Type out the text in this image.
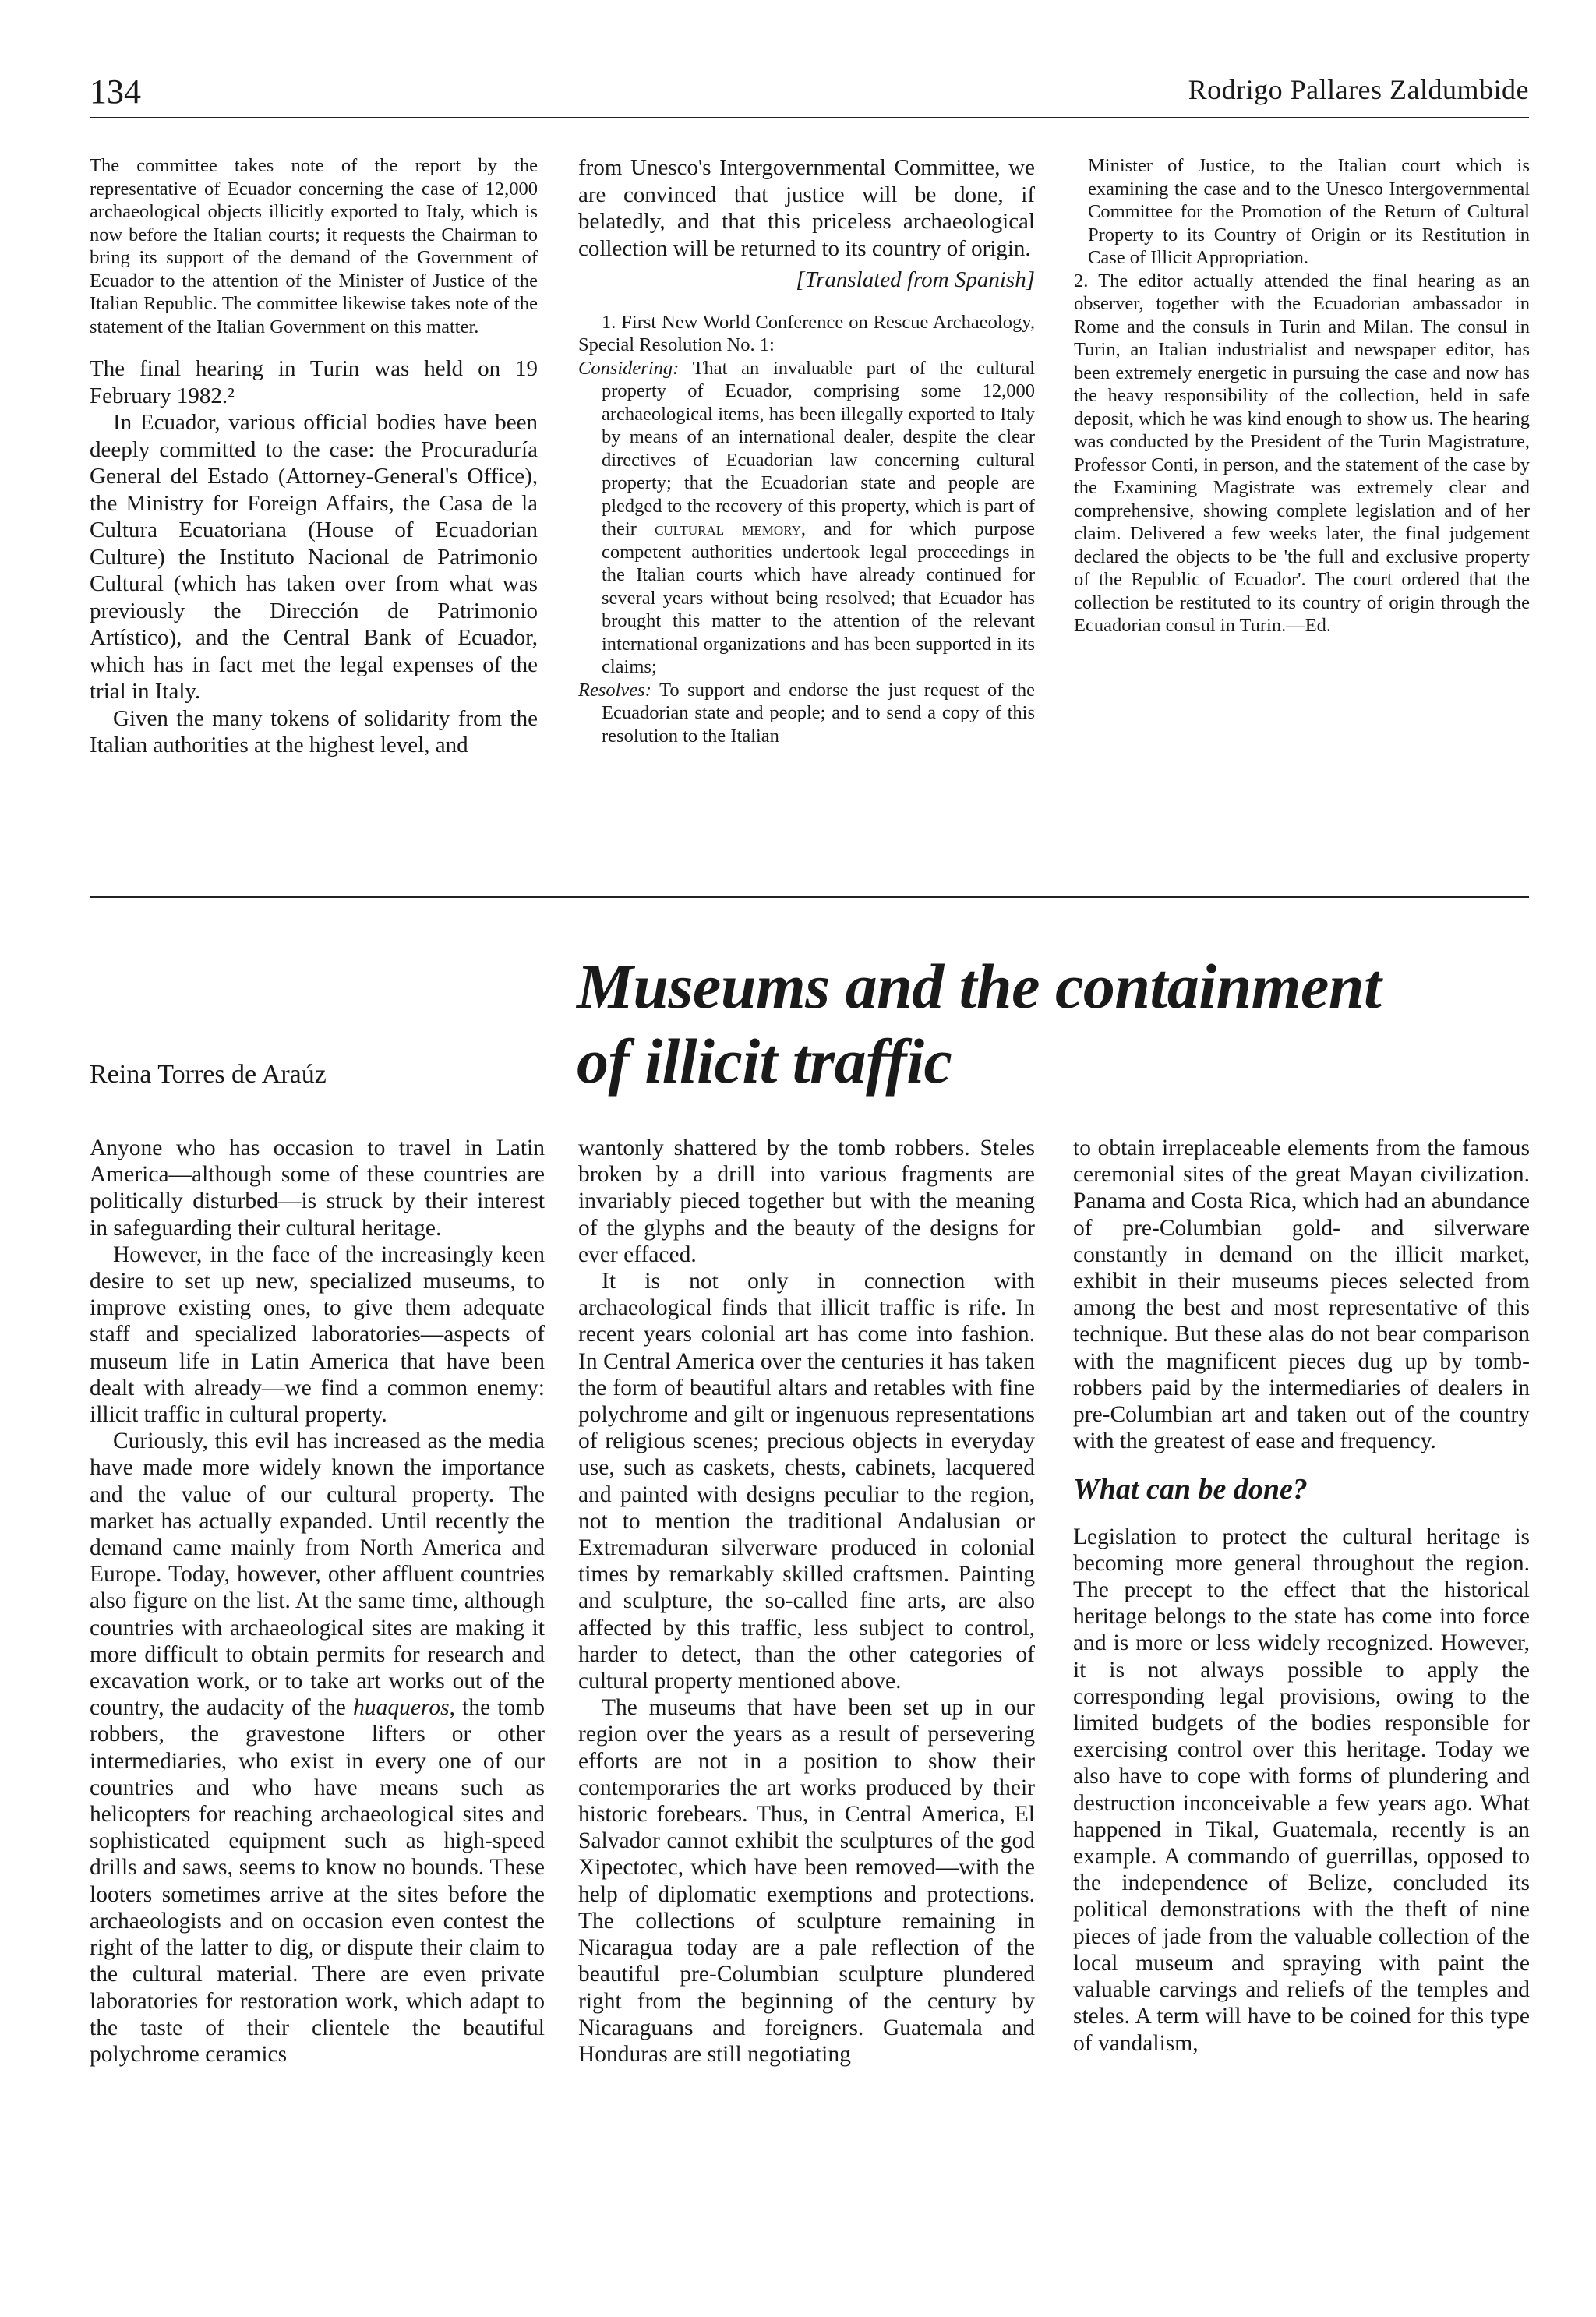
134	Rodrigo Pallares Zaldumbide

The committee takes note of the report by the representative of Ecuador concerning the case of 12,000 archaeological objects illicitly exported to Italy, which is now before the Italian courts; it requests the Chairman to bring its support of the demand of the Government of Ecuador to the attention of the Minister of Justice of the Italian Republic. The committee likewise takes note of the statement of the Italian Government on this matter.

The final hearing in Turin was held on 19 February 1982.²

In Ecuador, various official bodies have been deeply committed to the case: the Procuraduría General del Estado (Attorney-General's Office), the Ministry for Foreign Affairs, the Casa de la Cultura Ecuatoriana (House of Ecuadorian Culture) the Instituto Nacional de Patrimonio Cultural (which has taken over from what was previously the Dirección de Patrimonio Artístico), and the Central Bank of Ecuador, which has in fact met the legal expenses of the trial in Italy.

Given the many tokens of solidarity from the Italian authorities at the highest level, and

from Unesco's Intergovernmental Committee, we are convinced that justice will be done, if belatedly, and that this priceless archaeological collection will be returned to its country of origin.

[Translated from Spanish]

1. First New World Conference on Rescue Archaeology, Special Resolution No. 1:

Considering: That an invaluable part of the cultural property of Ecuador, comprising some 12,000 archaeological items, has been illegally exported to Italy by means of an international dealer, despite the clear directives of Ecuadorian law concerning cultural property; that the Ecuadorian state and people are pledged to the recovery of this property, which is part of their cultural memory, and for which purpose competent authorities undertook legal proceedings in the Italian courts which have already continued for several years without being resolved; that Ecuador has brought this matter to the attention of the relevant international organizations and has been supported in its claims;

Resolves: To support and endorse the just request of the Ecuadorian state and people; and to send a copy of this resolution to the Italian

Minister of Justice, to the Italian court which is examining the case and to the Unesco Intergovernmental Committee for the Promotion of the Return of Cultural Property to its Country of Origin or its Restitution in Case of Illicit Appropriation.

2. The editor actually attended the final hearing as an observer, together with the Ecuadorian ambassador in Rome and the consuls in Turin and Milan. The consul in Turin, an Italian industrialist and newspaper editor, has been extremely energetic in pursuing the case and now has the heavy responsibility of the collection, held in safe deposit, which he was kind enough to show us. The hearing was conducted by the President of the Turin Magistrature, Professor Conti, in person, and the statement of the case by the Examining Magistrate was extremely clear and comprehensive, showing complete legislation and of her claim. Delivered a few weeks later, the final judgement declared the objects to be 'the full and exclusive property of the Republic of Ecuador'. The court ordered that the collection be restituted to its country of origin through the Ecuadorian consul in Turin.—Ed.

Museums and the containment
of illicit traffic
Reina Torres de Araúz

Anyone who has occasion to travel in Latin America—although some of these countries are politically disturbed—is struck by their interest in safeguarding their cultural heritage.

However, in the face of the increasingly keen desire to set up new, specialized museums, to improve existing ones, to give them adequate staff and specialized laboratories—aspects of museum life in Latin America that have been dealt with already—we find a common enemy: illicit traffic in cultural property.

Curiously, this evil has increased as the media have made more widely known the importance and the value of our cultural property. The market has actually expanded. Until recently the demand came mainly from North America and Europe. Today, however, other affluent countries also figure on the list. At the same time, although countries with archaeological sites are making it more difficult to obtain permits for research and excavation work, or to take art works out of the country, the audacity of the huaqueros, the tomb robbers, the gravestone lifters or other intermediaries, who exist in every one of our countries and who have means such as helicopters for reaching archaeological sites and sophisticated equipment such as high-speed drills and saws, seems to know no bounds. These looters sometimes arrive at the sites before the archaeologists and on occasion even contest the right of the latter to dig, or dispute their claim to the cultural material. There are even private laboratories for restoration work, which adapt to the taste of their clientele the beautiful polychrome ceramics

wantonly shattered by the tomb robbers. Steles broken by a drill into various fragments are invariably pieced together but with the meaning of the glyphs and the beauty of the designs for ever effaced.

It is not only in connection with archaeological finds that illicit traffic is rife. In recent years colonial art has come into fashion. In Central America over the centuries it has taken the form of beautiful altars and retables with fine polychrome and gilt or ingenuous representations of religious scenes; precious objects in everyday use, such as caskets, chests, cabinets, lacquered and painted with designs peculiar to the region, not to mention the traditional Andalusian or Extremaduran silverware produced in colonial times by remarkably skilled craftsmen. Painting and sculpture, the so-called fine arts, are also affected by this traffic, less subject to control, harder to detect, than the other categories of cultural property mentioned above.

The museums that have been set up in our region over the years as a result of persevering efforts are not in a position to show their contemporaries the art works produced by their historic forebears. Thus, in Central America, El Salvador cannot exhibit the sculptures of the god Xipectotec, which have been removed—with the help of diplomatic exemptions and protections. The collections of sculpture remaining in Nicaragua today are a pale reflection of the beautiful pre-Columbian sculpture plundered right from the beginning of the century by Nicaraguans and foreigners. Guatemala and Honduras are still negotiating

to obtain irreplaceable elements from the famous ceremonial sites of the great Mayan civilization. Panama and Costa Rica, which had an abundance of pre-Columbian gold- and silverware constantly in demand on the illicit market, exhibit in their museums pieces selected from among the best and most representative of this technique. But these alas do not bear comparison with the magnificent pieces dug up by tomb-robbers paid by the intermediaries of dealers in pre-Columbian art and taken out of the country with the greatest of ease and frequency.

What can be done?

Legislation to protect the cultural heritage is becoming more general throughout the region. The precept to the effect that the historical heritage belongs to the state has come into force and is more or less widely recognized. However, it is not always possible to apply the corresponding legal provisions, owing to the limited budgets of the bodies responsible for exercising control over this heritage. Today we also have to cope with forms of plundering and destruction inconceivable a few years ago. What happened in Tikal, Guatemala, recently is an example. A commando of guerrillas, opposed to the independence of Belize, concluded its political demonstrations with the theft of nine pieces of jade from the valuable collection of the local museum and spraying with paint the valuable carvings and reliefs of the temples and steles. A term will have to be coined for this type of vandalism,
